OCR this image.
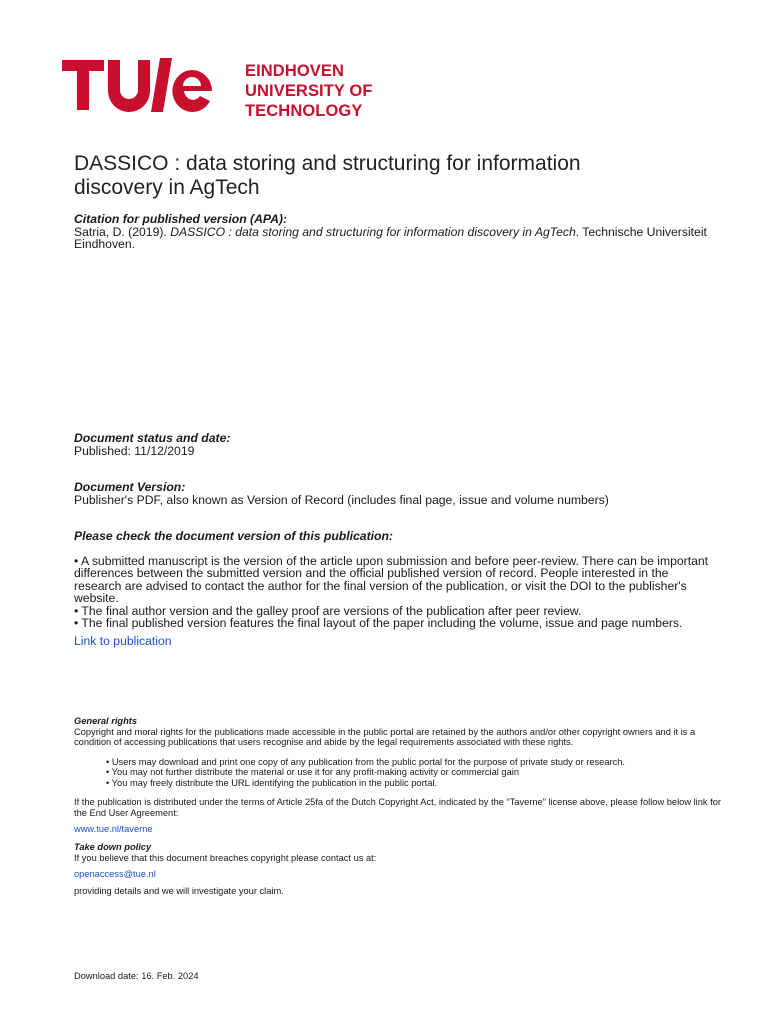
EINDHOVEN
UNIVERSITY OF
TECHNOLOGY
DASSICO : data storing and structuring for information discovery in AgTech
Citation for published version (APA):

Satria, D. (2019). DASSICO : data storing and structuring for information discovery in AgTech. Technische Universiteit Eindhoven.

Document status and date:

Published: 11/12/2019

Document Version:

Publisher's PDF, also known as Version of Record (includes final page, issue and volume numbers)

Please check the document version of this publication:

• A submitted manuscript is the version of the article upon submission and before peer-review. There can be important differences between the submitted version and the official published version of record. People interested in the research are advised to contact the author for the final version of the publication, or visit the DOI to the publisher's website.

• The final author version and the galley proof are versions of the publication after peer review.

• The final published version features the final layout of the paper including the volume, issue and page numbers.

Link to publication

General rights

Copyright and moral rights for the publications made accessible in the public portal are retained by the authors and/or other copyright owners and it is a condition of accessing publications that users recognise and abide by the legal requirements associated with these rights.

• Users may download and print one copy of any publication from the public portal for the purpose of private study or research.
• You may not further distribute the material or use it for any profit-making activity or commercial gain
• You may freely distribute the URL identifying the publication in the public portal.

If the publication is distributed under the terms of Article 25fa of the Dutch Copyright Act, indicated by the “Taverne” license above, please follow below link for the End User Agreement:

www.tue.nl/taverne

Take down policy

If you believe that this document breaches copyright please contact us at:

openaccess@tue.nl

providing details and we will investigate your claim.

Download date: 16. Feb. 2024
